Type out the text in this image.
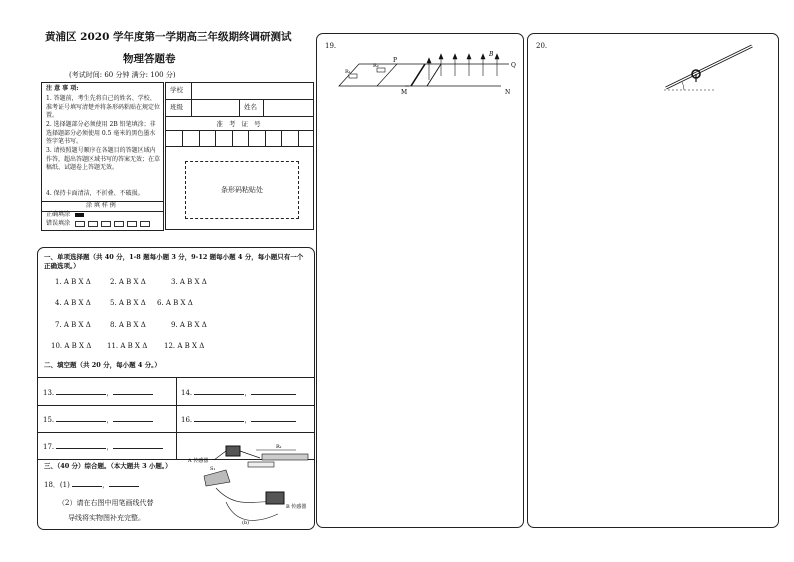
黄浦区 2020 学年度第一学期高三年级期终调研测试
物理答题卷
(考试时间: 60 分钟 满分: 100 分)
注 意 事 项:
1. 答题前，考生先将自己的姓名、学校、准考证号填写清楚并将条形码粘贴在规定位置。
2. 选择题部分必须使用 2B 铅笔填涂；非选择题部分必须使用 0.5 毫米的黑色墨水签字笔书写。
3. 请按照题号顺序在各题目的答题区域内作答，超出答题区域书写的答案无效；在草稿纸、试题卷上答题无效。
4. 保持卡面清洁，不折叠、不破损。
涂 填 样 例
正确填涂
错误填涂
学校
班级	姓名
准 考 证 号
条形码粘贴处
一、单项选择题（共 40 分，1-8 题每小题 3 分，9-12 题每小题 4 分，每小题只有一个正确选项。）
1. A B X Δ	2. A B X Δ	3. A B X Δ
4. A B X Δ	5. A B X Δ 6. A B X Δ
7. A B X Δ	8. A B X Δ	9. A B X Δ
10. A B X Δ 11. A B X Δ 12. A B X Δ
二、填空题（共 20 分，每小题 4 分。）
13.	，	14.	，
15.	，	16.	，
17.	，
三、（40 分）综合题。（本大题共 3 小题。）
18．(1)	，
（2）请在右图中用笔画线代替
导线将实物图补充完整。
A 传感器
R₁
S₁
B 传感器
(b)
19.
M	N
P
Q
B
R₁
R₂
20.
